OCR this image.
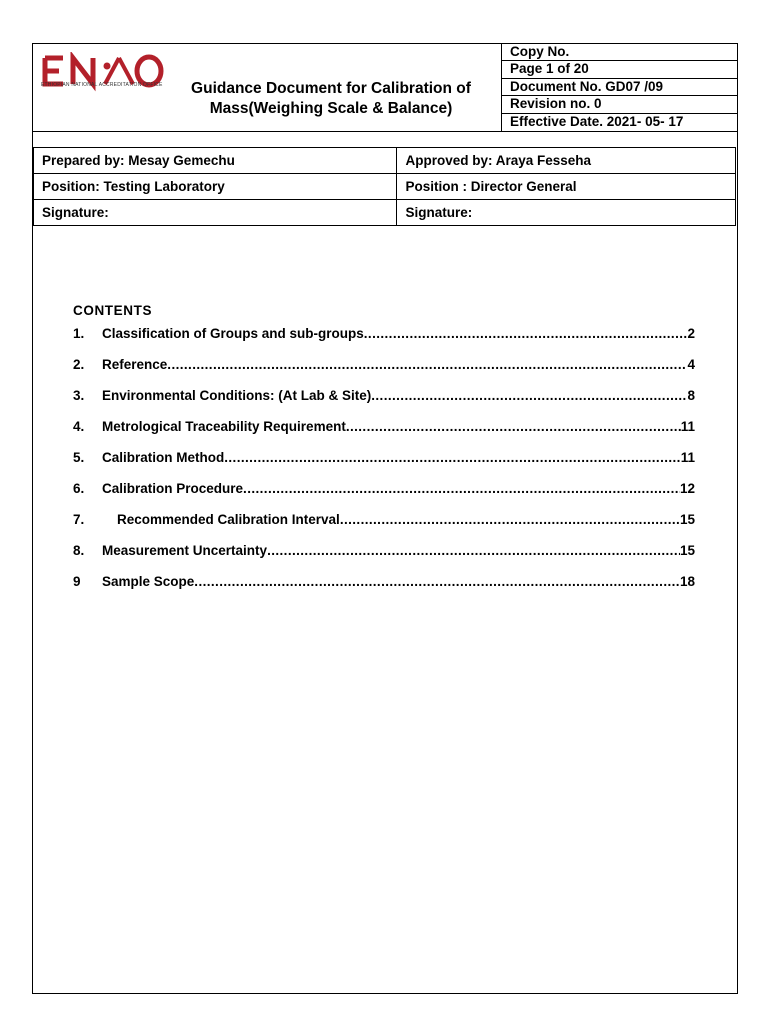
ETHIOPIAN NATIONAL ACCREDITATION OFFICE	Guidance Document for Calibration of
Mass(Weighing Scale & Balance)
Copy No.
Page 1 of 20
Document No. GD07 /09
Revision no. 0
Effective Date. 2021- 05- 17
Prepared by: Mesay Gemechu	Approved by: Araya Fesseha
Position: Testing Laboratory	Position : Director General
Signature:	Signature:
CONTENTS
1.	Classification of Groups and sub-groups .....	2
2.	Reference .....	4
3.	Environmental Conditions: (At Lab & Site) .....	8
4.	Metrological Traceability Requirement .....	11
5.	Calibration Method .....	11
6.	Calibration Procedure .....	12
7.	Recommended Calibration Interval .....	15
8.	Measurement Uncertainty .....	15
9	Sample Scope .....	18
